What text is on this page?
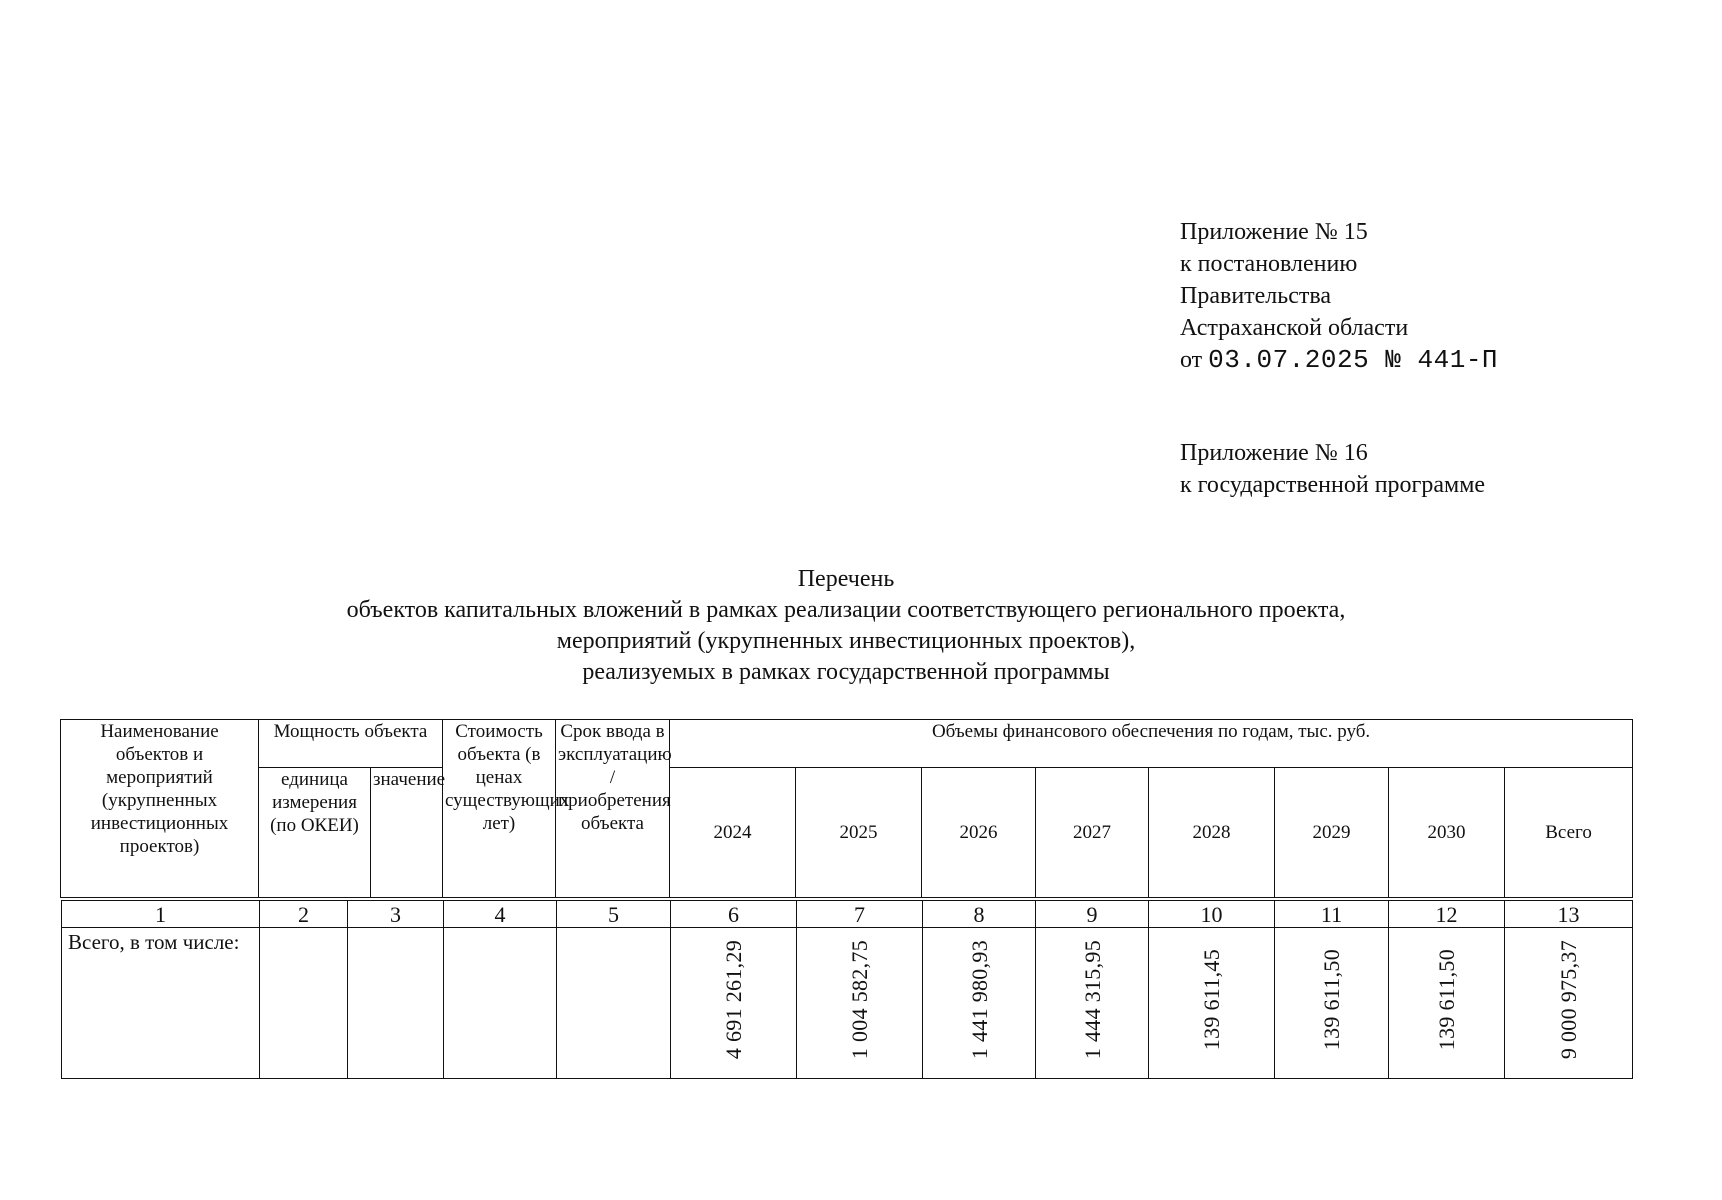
Приложение № 15
к постановлению
Правительства
Астраханской области
от 03.07.2025 № 441-П
Приложение № 16
к государственной программе
Перечень
объектов капитальных вложений в рамках реализации соответствующего регионального проекта,
мероприятий (укрупненных инвестиционных проектов),
реализуемых в рамках государственной программы
Наименование объектов и мероприятий (укрупненных инвестиционных проектов)	Мощность объекта		Стоимость объекта (в ценах существующих лет)	Срок ввода в эксплуатацию / приобретения объекта	Объемы финансового обеспечения по годам, тыс. руб.							
	единица измерения (по ОКЕИ)	значение			2024	2025	2026	2027	2028	2029	2030	Всего
1	2	3	4	5	6	7	8	9	10	11	12	13
Всего, в том числе:					4 691 261,29	1 004 582,75	1 441 980,93	1 444 315,95	139 611,45	139 611,50	139 611,50	9 000 975,37
